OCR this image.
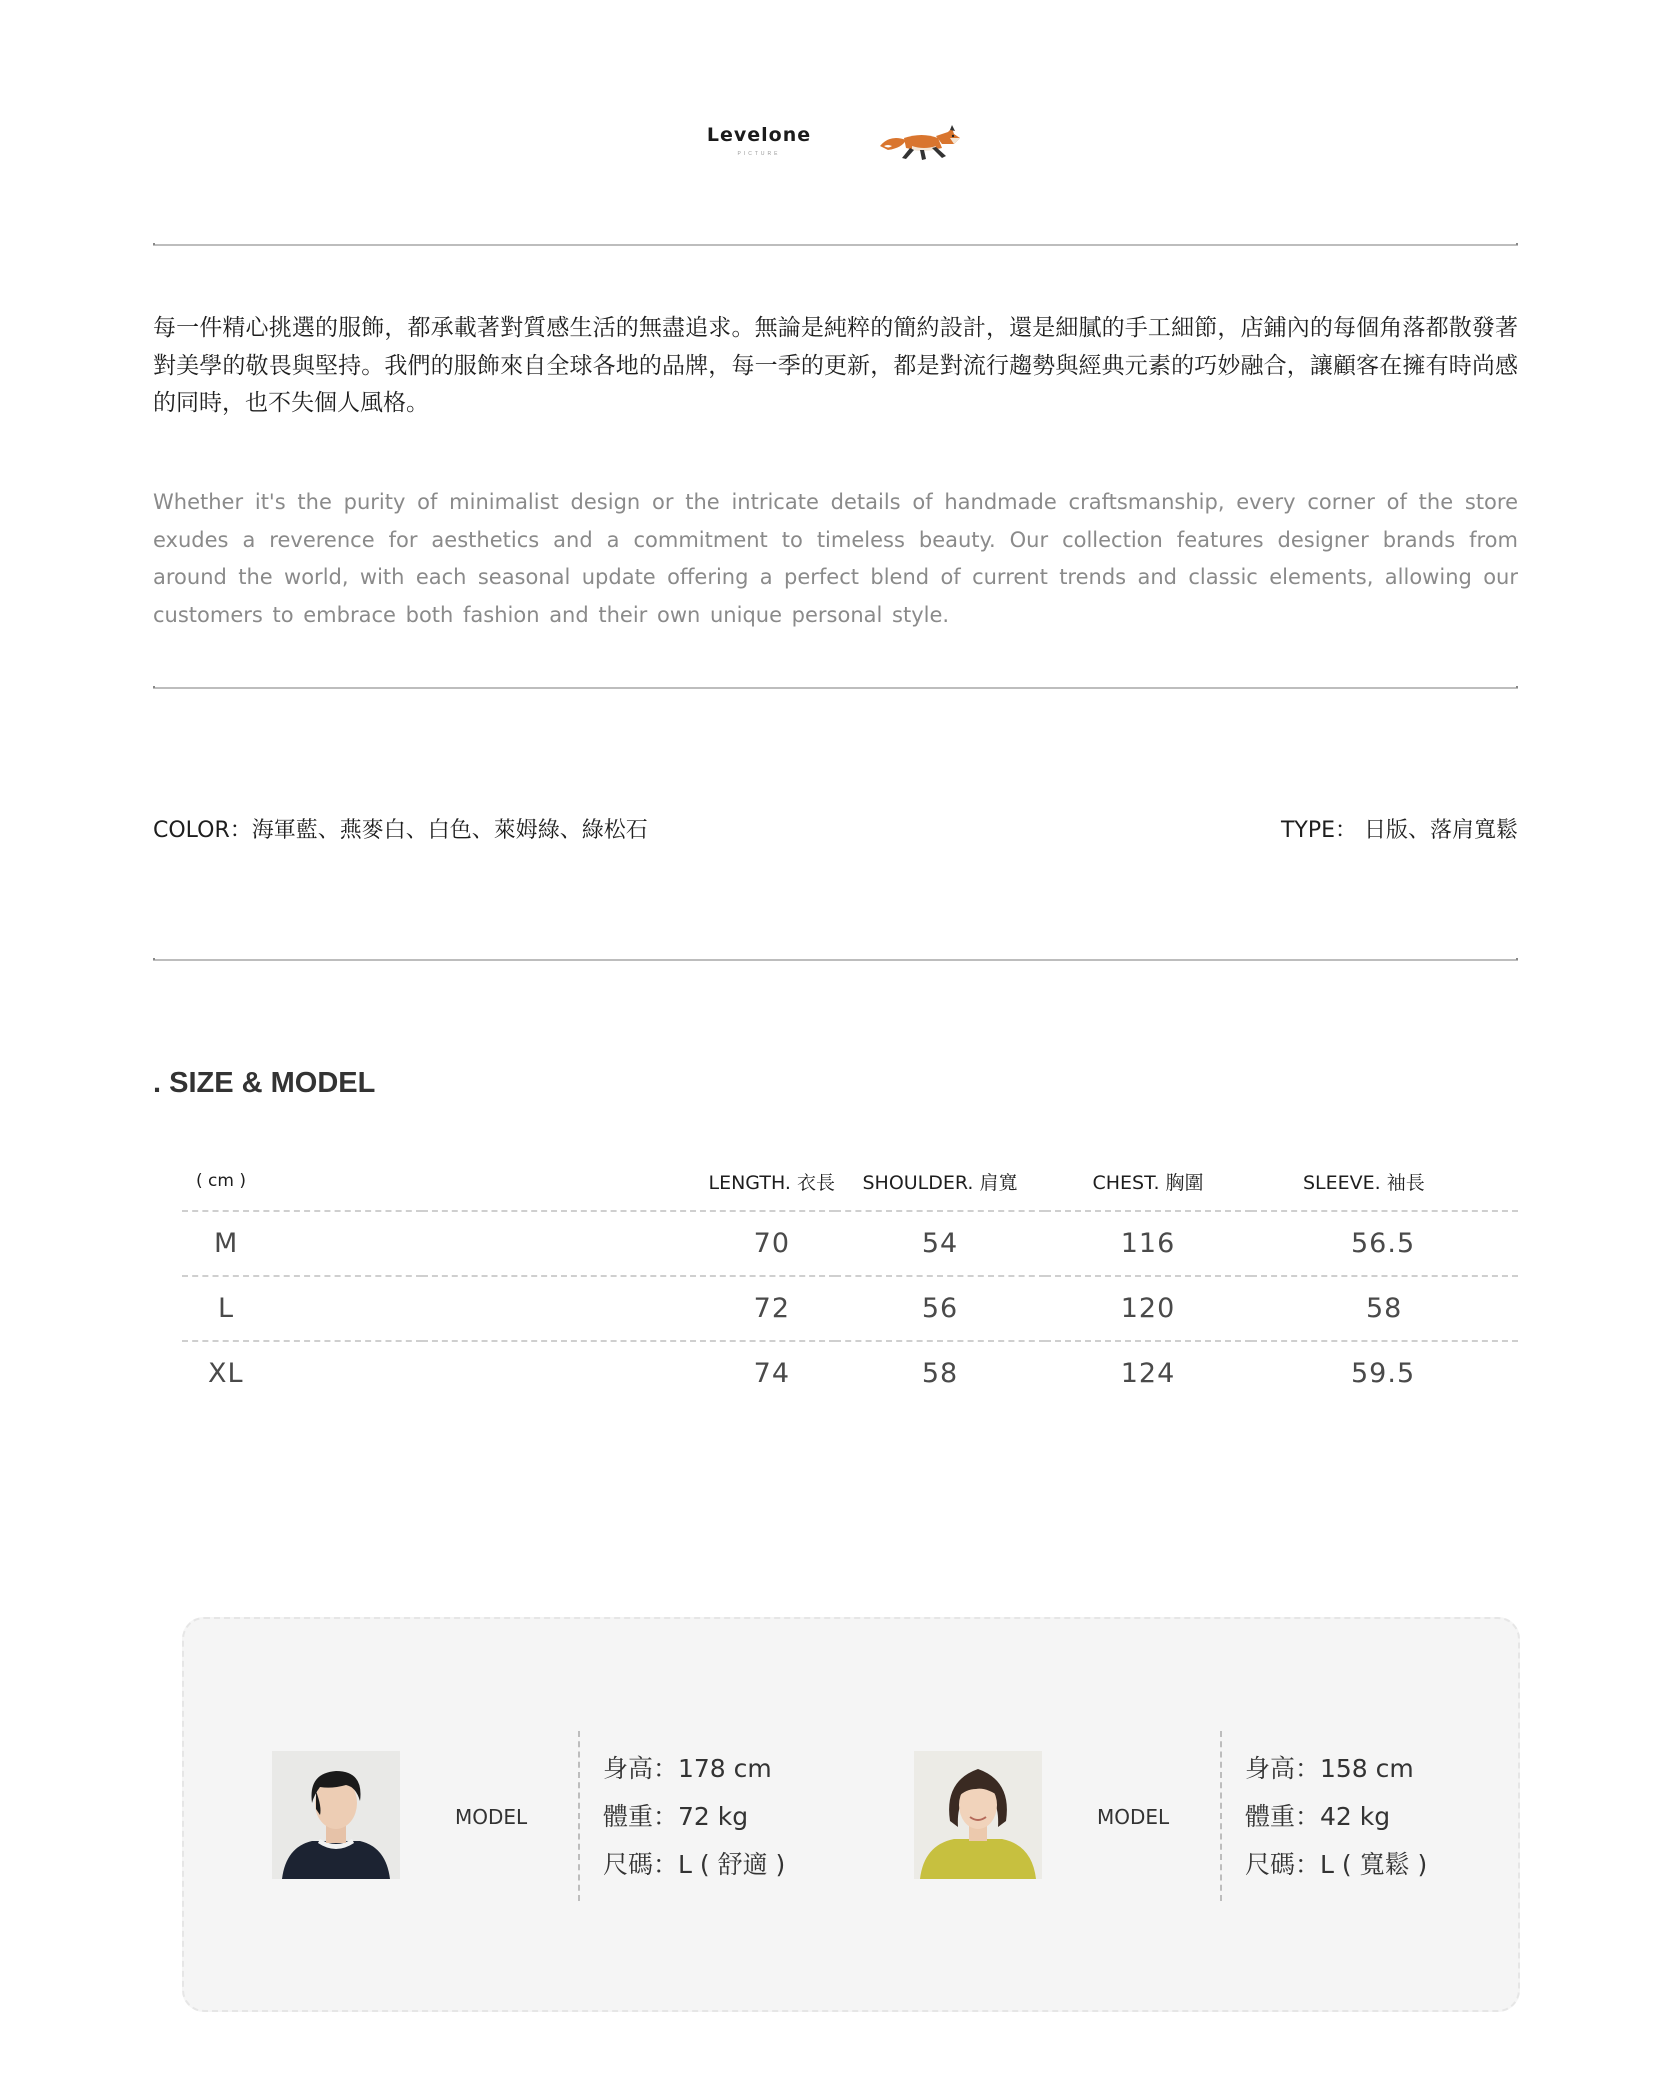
Levelone
PICTURE
每一件精心挑選的服飾，都承載著對質感生活的無盡追求。無論是純粹的簡約設計，還是細膩的手工細節，店鋪內的每個角落都散發著對美學的敬畏與堅持。我們的服飾來自全球各地的品牌，每一季的更新，都是對流行趨勢與經典元素的巧妙融合，讓顧客在擁有時尚感的同時，也不失個人風格。
Whether it's the purity of minimalist design or the intricate details of handmade craftsmanship, every corner of the store exudes a reverence for aesthetics and a commitment to timeless beauty. Our collection features designer brands from around the world, with each seasonal update offering a perfect blend of current trends and classic elements, allowing our customers to embrace both fashion and their own unique personal style.
COLOR：海軍藍、燕麥白、白色、萊姆綠、綠松石	TYPE： 日版、落肩寬鬆
. SIZE & MODEL
( cm )	LENGTH. 衣長	SHOULDER. 肩寬	CHEST. 胸圍	SLEEVE. 袖長
M	70	54	116	56.5
L	72	56	120	58
XL	74	58	124	59.5
MODEL
身高：178 cm
體重：72 kg
尺碼：L ( 舒適 )
MODEL
身高：158 cm
體重：42 kg
尺碼：L ( 寬鬆 )
